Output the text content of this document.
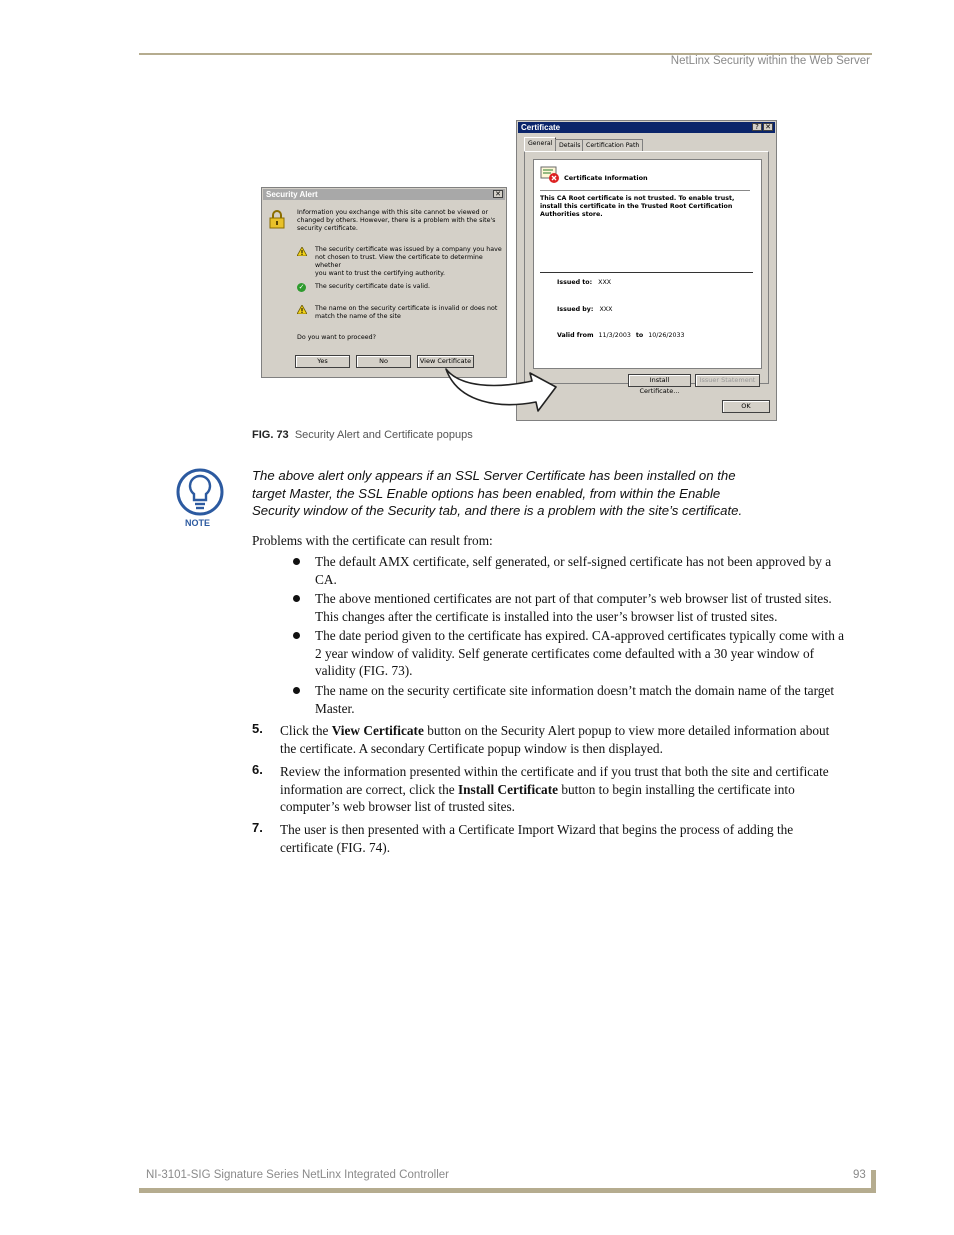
NetLinx Security within the Web Server
Security Alert	✕
Information you exchange with this site cannot be viewed or
changed by others. However, there is a problem with the site's
security certificate.
The security certificate was issued by a company you have
not chosen to trust. View the certificate to determine whether
you want to trust the certifying authority.
✓ The security certificate date is valid.
The name on the security certificate is invalid or does not
match the name of the site
Do you want to proceed?
Yes	No	View Certificate
Certificate	? ✕
General	Details Certification Path
Certificate Information
This CA Root certificate is not trusted. To enable trust,
install this certificate in the Trusted Root Certification
Authorities store.
Issued to: XXX
Issued by: XXX
Valid from 11/3/2003 to 10/26/2033
Install Certificate...
Issuer Statement
OK
FIG. 73 Security Alert and Certificate popups
NOTE
The above alert only appears if an SSL Server Certificate has been installed on the
target Master, the SSL Enable options has been enabled, from within the Enable
Security window of the Security tab, and there is a problem with the site’s certificate.
Problems with the certificate can result from:
The default AMX certificate, self generated, or self-signed certificate has not been approved by a
CA.
The above mentioned certificates are not part of that computer’s web browser list of trusted sites.
This changes after the certificate is installed into the user’s browser list of trusted sites.
The date period given to the certificate has expired. CA-approved certificates typically come with a
2 year window of validity. Self generate certificates come defaulted with a 30 year window of
validity (FIG. 73).
The name on the security certificate site information doesn’t match the domain name of the target
Master.
5. Click the View Certificate button on the Security Alert popup to view more detailed information about
the certificate. A secondary Certificate popup window is then displayed.
6. Review the information presented within the certificate and if you trust that both the site and certificate
information are correct, click the Install Certificate button to begin installing the certificate into
computer’s web browser list of trusted sites.
7. The user is then presented with a Certificate Import Wizard that begins the process of adding the
certificate (FIG. 74).
NI-3101-SIG Signature Series NetLinx Integrated Controller	93
